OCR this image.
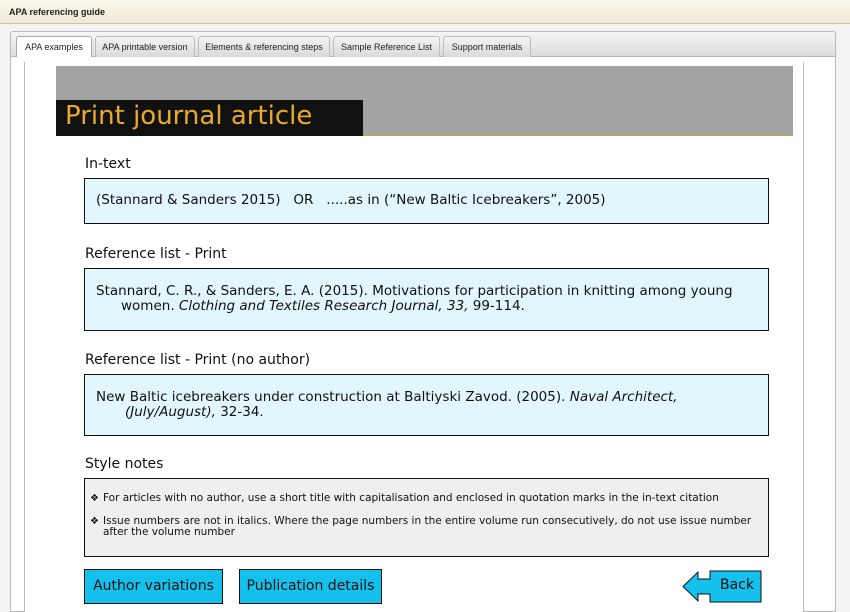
APA referencing guide
APA examples	APA printable version	Elements & referencing steps	Sample Reference List	Support materials
Print journal article
In-text
(Stannard & Sanders 2015)   OR   .....as in (“New Baltic Icebreakers”, 2005)
Reference list - Print
Stannard, C. R., & Sanders, E. A. (2015). Motivations for participation in knitting among young
women. Clothing and Textiles Research Journal, 33, 99-114.
Reference list - Print (no author)
New Baltic icebreakers under construction at Baltiyski Zavod. (2005). Naval Architect,
(July/August), 32-34.
Style notes
❖ For articles with no author, use a short title with capitalisation and enclosed in quotation marks in the in-text citation
❖ Issue numbers are not in italics. Where the page numbers in the entire volume run consecutively, do not use issue number after the volume number
Author variations	Publication details	Back
